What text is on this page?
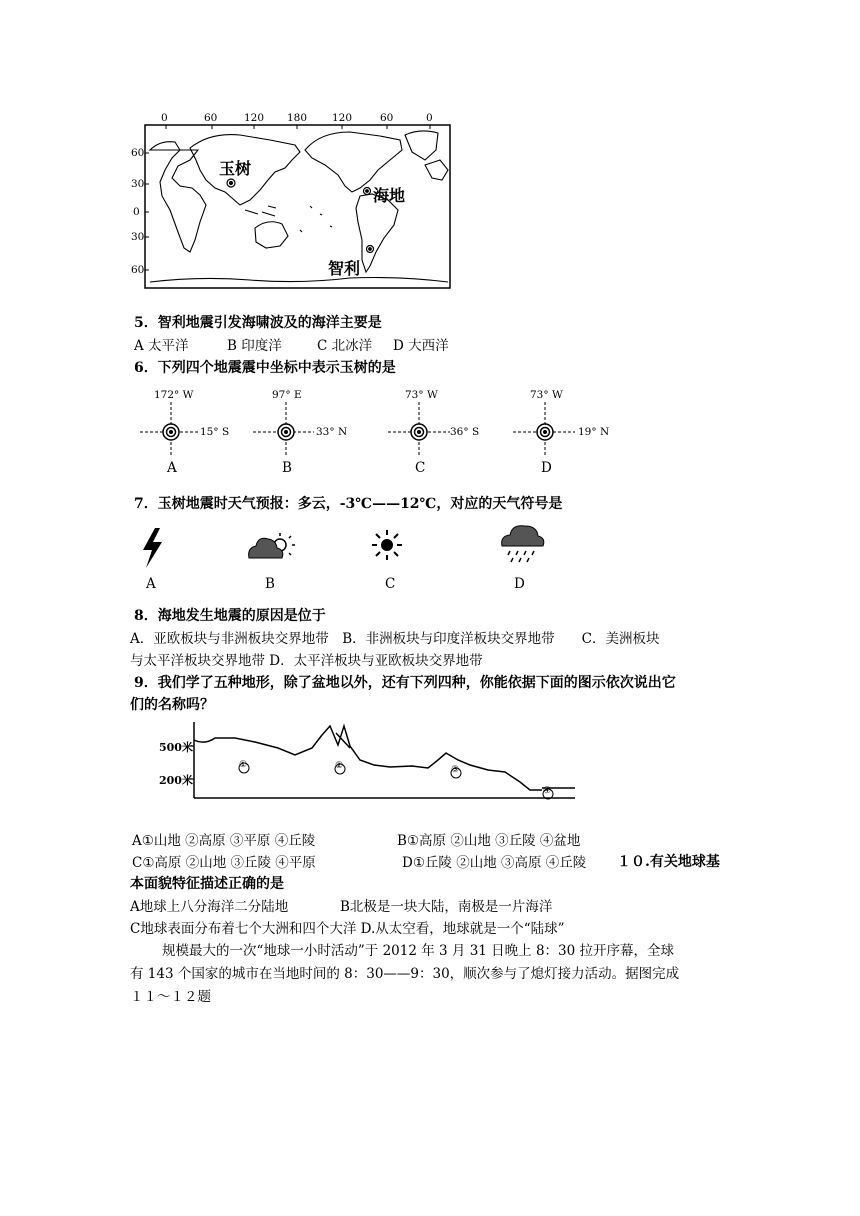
0	60	120 180 120	60	0
60
30
0
30
60
玉树
海地
智利
5．智利地震引发海啸波及的海洋主要是
A 太平洋	B 印度洋	C 北冰洋 D 大西洋
6．下列四个地震震中坐标中表示玉树的是
172° W
15° S
A
97° E
33° N
B
73° W
36° S
C
73° W
19° N
D
7．玉树地震时天气预报：多云，-3℃——12℃，对应的天气符号是
A	B	C	D
8．海地发生地震的原因是位于
A．亚欧板块与非洲板块交界地带　B．非洲板块与印度洋板块交界地带　　C．美洲板块
与太平洋板块交界地带 D．太平洋板块与亚欧板块交界地带
9．我们学了五种地形，除了盆地以外，还有下列四种，你能依据下面的图示依次说出它
们的名称吗？
500米
200米
①	②	③
④
A①山地 ②高原 ③平原 ④丘陵	B①高原 ②山地 ③丘陵 ④盆地
C①高原 ②山地 ③丘陵 ④平原	D①丘陵 ②山地 ③高原 ④丘陵 １０.有关地球基
本面貌特征描述正确的是
A地球上八分海洋二分陆地	B北极是一块大陆，南极是一片海洋
C地球表面分布着七个大洲和四个大洋 D.从太空看，地球就是一个“陆球”
规模最大的一次“地球一小时活动”于 2012 年 3 月 31 日晚上 8：30 拉开序幕，全球
有 143 个国家的城市在当地时间的 8：30——9：30，顺次参与了熄灯接力活动。据图完成
１１～１２题
